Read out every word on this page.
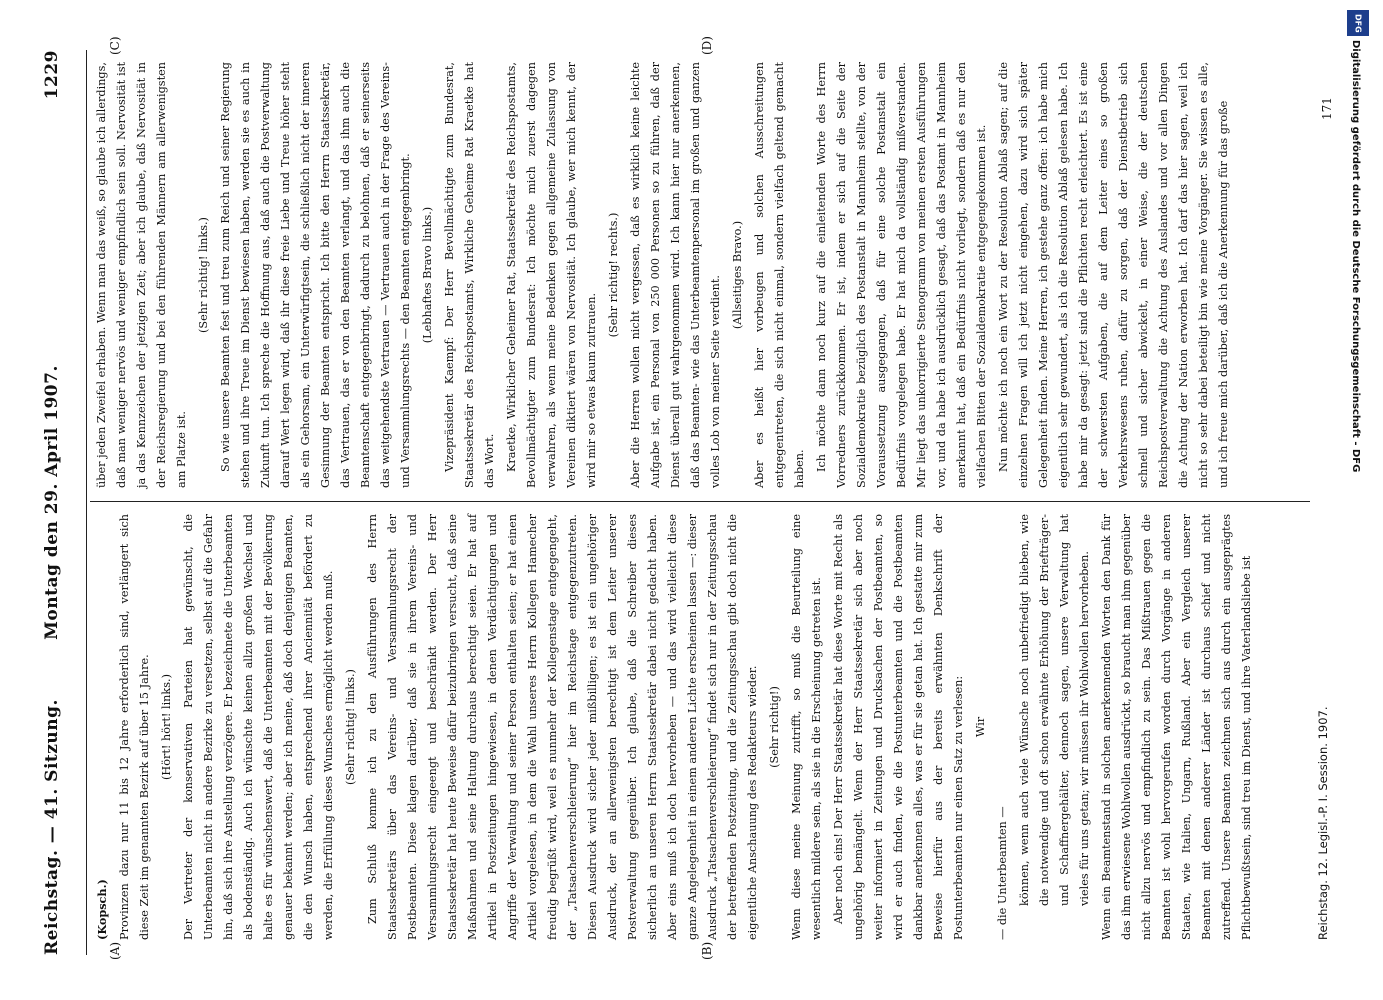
Reichstag. — 41. Sitzung.
Montag den 29. April 1907.
1229
(A)	(B)
(C)	(D)

(Kopsch.) Provinzen dazu nur 11 bis 12 Jahre erforderlich sind, verlängert sich diese Zeit im genannten Bezirk auf über 15 Jahre. (Hört! hört! links.) Der Vertreter der konservativen Parteien hat gewünscht, die Unterbeamten nicht in andere Bezirke zu versetzen, selbst auf die Gefahr hin, daß sich ihre Anstellung verzögere. Er bezeichnete die Unterbeamten als bodenständig. Auch ich wünschte keinen allzu großen Wechsel und halte es für wünschenswert, daß die Unterbeamten mit der Bevölkerung genauer bekannt werden; aber ich meine, daß doch denjenigen Beamten, die den Wunsch haben, entsprechend ihrer Anciennität befördert zu werden, die Erfüllung dieses Wunsches ermöglicht werden muß. (Sehr richtig! links.) Zum Schluß komme ich zu den Ausführungen des Herrn Staatssekretärs über das Vereins- und Versammlungsrecht der Postbeamten. Diese klagen darüber, daß sie in ihrem Vereins- und Versammlungsrecht eingeengt und beschränkt werden. Der Herr Staatssekretär hat heute Beweise dafür beizubringen versucht, daß seine Maßnahmen und seine Haltung durchaus berechtigt seien. Er hat auf Artikel in Postzeitungen hingewiesen, in denen Verdächtigungen und Angriffe der Verwaltung und seiner Person enthalten seien; er hat einen Artikel vorgelesen, in dem die Wahl unseres Herrn Kollegen Hamecher freudig begrüßt wird, weil es nunmehr der Kollegenstage entgegengeht, der „Tatsachenverschleierung“ hier im Reichstage entgegenzutreten. Diesen Ausdruck wird sicher jeder mißbilligen; es ist ein ungehöriger Ausdruck, der an allerwenigsten berechtigt ist dem Leiter unserer Postverwaltung gegenüber. Ich glaube, daß die Schreiber dieses sicherlich an unseren Herrn Staatssekretär dabei nicht gedacht haben. Aber eins muß ich doch hervorheben — und das wird vielleicht diese ganze Angelegenheit in einem anderen Lichte erscheinen lassen —: dieser Ausdruck „Tatsachenverschleierung“ findet sich nur in der Zeitungsschau der betreffenden Postzeitung, und die Zeitungsschau gibt doch nicht die eigentliche Anschauung des Redakteurs wieder. (Sehr richtig!) Wenn diese meine Meinung zutrifft, so muß die Beurteilung eine wesentlich mildere sein, als sie in die Erscheinung getreten ist. Aber noch eins! Der Herr Staatssekretär hat diese Worte mit Recht als ungehörig bemängelt. Wenn der Herr Staatssekretär sich aber noch weiter informiert in Zeitungen und Drucksachen der Postbeamten, so wird er auch finden, wie die Postunterbeamten und die Postbeamten dankbar anerkennen alles, was er für sie getan hat. Ich gestatte mir zum Beweise hierfür aus der bereits erwähnten Denkschrift der Postunterbeamten nur einen Satz zu verlesen: Wir

— die Unterbeamten — können, wenn auch viele Wünsche noch unbefriedigt blieben, wie die notwendige und oft schon erwähnte Erhöhung der Briefträger- und Schaffnergehälter, dennoch sagen, unsere Verwaltung hat vieles für uns getan; wir müssen ihr Wohlwollen hervorheben. Wenn ein Beamtenstand in solchen anerkennenden Worten den Dank für das ihm erwiesene Wohlwollen ausdrückt, so braucht man ihm gegenüber nicht allzu nervös und empfindlich zu sein. Das Mißtrauen gegen die Beamten ist wohl hervorgerufen worden durch Vorgänge in anderen Staaten, wie Italien, Ungarn, Rußland. Aber ein Vergleich unserer Beamten mit denen anderer Länder ist durchaus schief und nicht zutreffend. Unsere Beamten zeichnen sich aus durch ein ausgeprägtes Pflichtbewußtsein, sind treu im Dienst, und ihre Vaterlandsliebe ist

über jeden Zweifel erhaben. Wenn man das weiß, so glaube ich allerdings, daß man weniger nervös und weniger empfindlich sein soll. Nervosität ist ja das Kennzeichen der jetzigen Zeit; aber ich glaube, daß Nervosität in der Reichsregierung und bei den führenden Männern am allerwenigsten am Platze ist.

(Sehr richtig! links.) So wie unsere Beamten fest und treu zum Reich und seiner Regierung stehen und ihre Treue im Dienst bewiesen haben, werden sie es auch in Zukunft tun. Ich spreche die Hoffnung aus, daß auch die Postverwaltung darauf Wert legen wird, daß ihr diese freie Liebe und Treue höher steht als ein Gehorsam, ein Unterwürfigtsein, die schließlich nicht der inneren Gesinnung der Beamten entspricht. Ich bitte den Herrn Staatssekretär, das Vertrauen, das er von den Beamten verlangt, und das ihm auch die Beamtenschaft entgegenbringt, dadurch zu belohnen, daß er seinerseits das weitgehendste Vertrauen — Vertrauen auch in der Frage des Vereins- und Versammlungsrechts — den Beamten entgegenbringt. (Lebhaftes Bravo links.) Vizepräsident Kaempf: Der Herr Bevollmächtigte zum Bundesrat, Staatssekretär des Reichspostamts, Wirkliche Geheime Rat Kraetke hat das Wort. Kraetke, Wirklicher Geheimer Rat, Staatssekretär des Reichspostamts, Bevollmächtigter zum Bundesrat: Ich möchte mich zuerst dagegen verwahren, als wenn meine Bedenken gegen allgemeine Zulassung von Vereinen diktiert wären von Nervosität. Ich glaube, wer mich kennt, der wird mir so etwas kaum zutrauen.

(Sehr richtig! rechts.) Aber die Herren wollen nicht vergessen, daß es wirklich keine leichte Aufgabe ist, ein Personal von 250 000 Personen so zu führen, daß der Dienst überall gut wahrgenommen wird. Ich kann hier nur anerkennen, daß das Beamten- wie das Unterbeamtenpersonal im großen und ganzen volles Lob von meiner Seite verdient. (Allseitiges Bravo.) Aber es heißt hier vorbeugen und solchen Ausschreitungen entgegentreten, die sich nicht einmal, sondern vielfach geltend gemacht haben. Ich möchte dann noch kurz auf die einleitenden Worte des Herrn Vorredners zurückkommen. Er ist, indem er sich auf die Seite der Sozialdemokratie bezüglich des Postanstalt in Mannheim stellte, von der Voraussetzung ausgegangen, daß für eine solche Postanstalt ein Bedürfnis vorgelegen habe. Er hat mich da vollständig mißverstanden. Mir liegt das unkorrigierte Stenogramm von meinen ersten Ausführungen vor, und da habe ich ausdrücklich gesagt, daß das Postamt in Mannheim anerkannt hat, daß ein Bedürfnis nicht vorliegt, sondern daß es nur den vielfachen Bitten der Sozialdemokratie entgegengekommen ist. Nun möchte ich noch ein Wort zu der Resolution Ablaß sagen; auf die einzelnen Fragen will ich jetzt nicht eingehen, dazu wird sich später Gelegenheit finden. Meine Herren, ich gestehe ganz offen: ich habe mich eigentlich sehr gewundert, als ich die Resolution Ablaß gelesen habe. Ich habe mir da gesagt: jetzt sind die Pflichten recht erleichtert. Es ist eine der schwersten Aufgaben, die auf dem Leiter eines so großen Verkehrswesens ruhen, dafür zu sorgen, daß der Dienstbetrieb sich schnell und sicher abwickelt, in einer Weise, die der deutschen Reichspostverwaltung die Achtung des Auslandes und vor allen Dingen die Achtung der Nation erworben hat. Ich darf das hier sagen, weil ich nicht so sehr dabei beteiligt bin wie meine Vorgänger. Sie wissen es alle, und ich freue mich darüber, daß ich die Anerkennung für das große

Reichstag. 12. Legisl.-P. I. Session. 1907.
171
DFG
Digitalisierung gefördert durch die Deutsche Forschungsgemeinschaft - DFG
